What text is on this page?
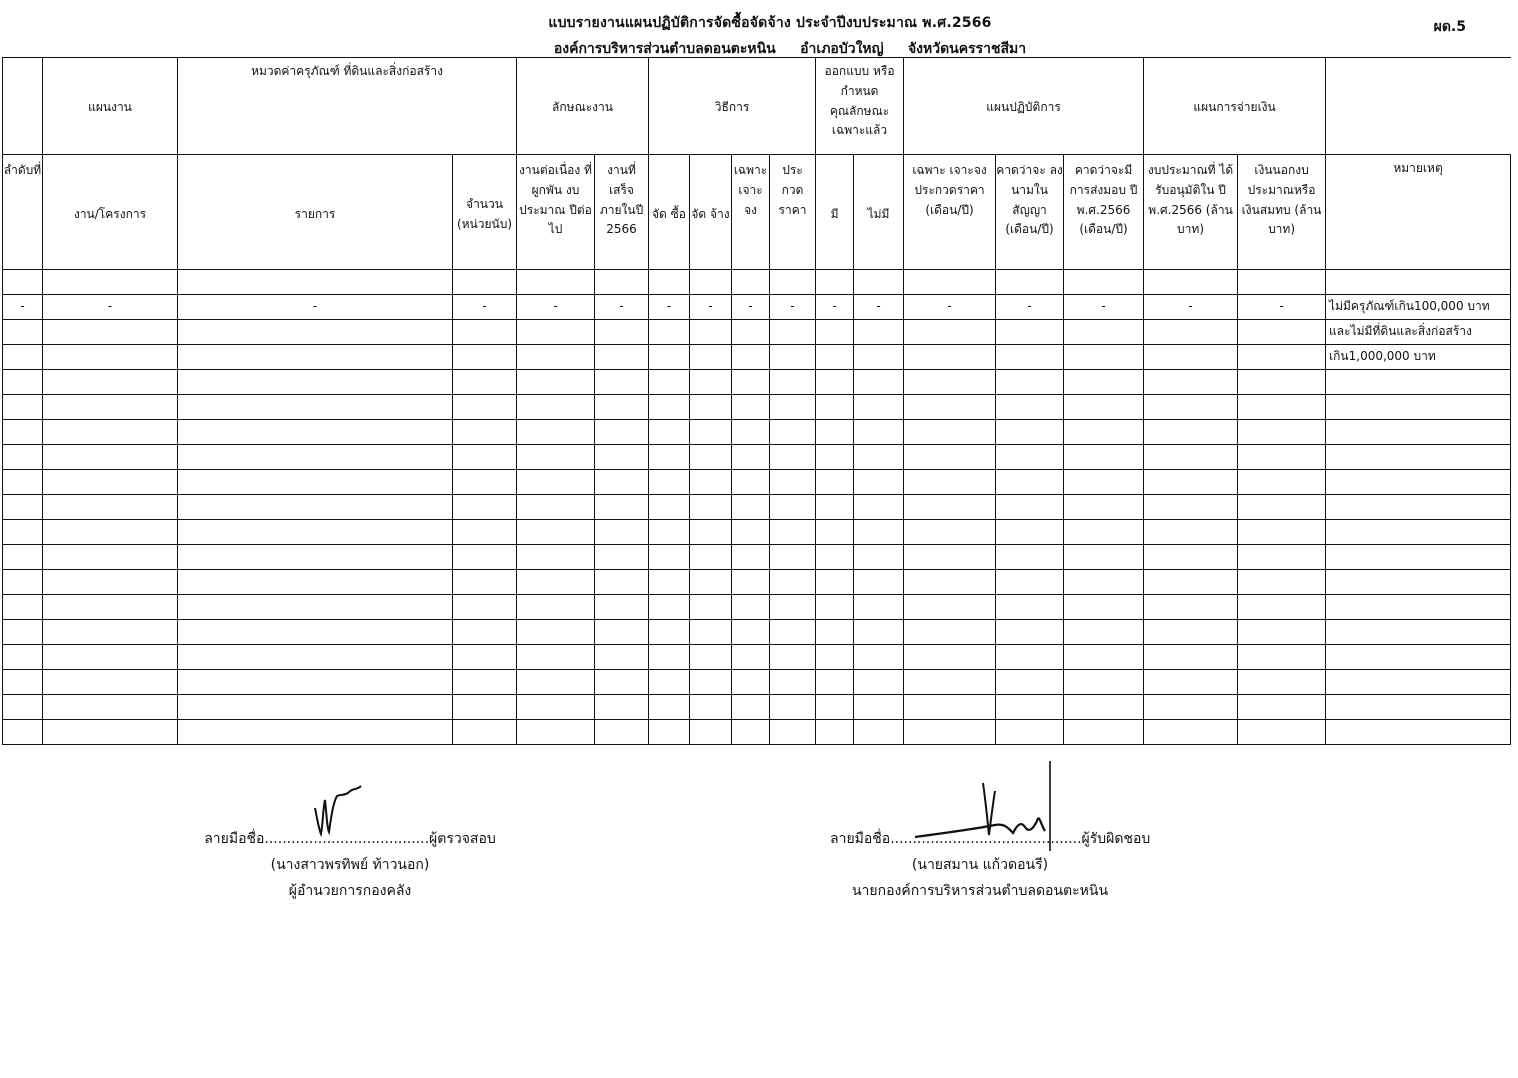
แบบรายงานแผนปฏิบัติการจัดซื้อจัดจ้าง ประจำปีงบประมาณ พ.ศ.2566
องค์การบริหารส่วนตำบลดอนตะหนิน อำเภอบัวใหญ่ จังหวัดนครราชสีมา
ผด.5
	แผนงาน	หมวดค่าครุภัณฑ์ ที่ดินและสิ่งก่อสร้าง		ลักษณะงาน		วิธีการ				ออกแบบ หรือกำหนด คุณลักษณะ เฉพาะแล้ว		แผนปฏิบัติการ			แผนการจ่ายเงิน		
ลำดับที่	งาน/โครงการ	รายการ	จำนวน (หน่วยนับ)	งานต่อเนื่อง ที่ผูกพัน งบประมาณ ปีต่อไป	งานที่ เสร็จ ภายในปี 2566	จัด ซื้อ	จัด จ้าง	เฉพาะ เจาะ จง	ประ กวด ราคา	มี	ไม่มี	เฉพาะ เจาะจง ประกวดราคา (เดือน/ปี)	คาดว่าจะ ลงนามใน สัญญา (เดือน/ปี)	คาดว่าจะมี การส่งมอบ ปี พ.ศ.2566 (เดือน/ปี)	งบประมาณที่ ได้รับอนุมัติใน ปี พ.ศ.2566 (ล้านบาท)	เงินนอกงบ ประมาณหรือ เงินสมทบ (ล้านบาท)	หมายเหตุ

-	-	-	-	-	-	-	-	-	-	-	-	-	-	-	-	-	ไม่มีครุภัณฑ์เกิน100,000 บาท
																	และไม่มีที่ดินและสิ่งก่อสร้าง
																	เกิน1,000,000 บาท

ลายมือชื่อ.....................................ผู้ตรวจสอบ
(นางสาวพรทิพย์ ท้าวนอก)
ผู้อำนวยการกองคลัง
ลายมือชื่อ...........................................ผู้รับผิดชอบ
(นายสมาน แก้วดอนรี)
นายกองค์การบริหารส่วนตำบลดอนตะหนิน
